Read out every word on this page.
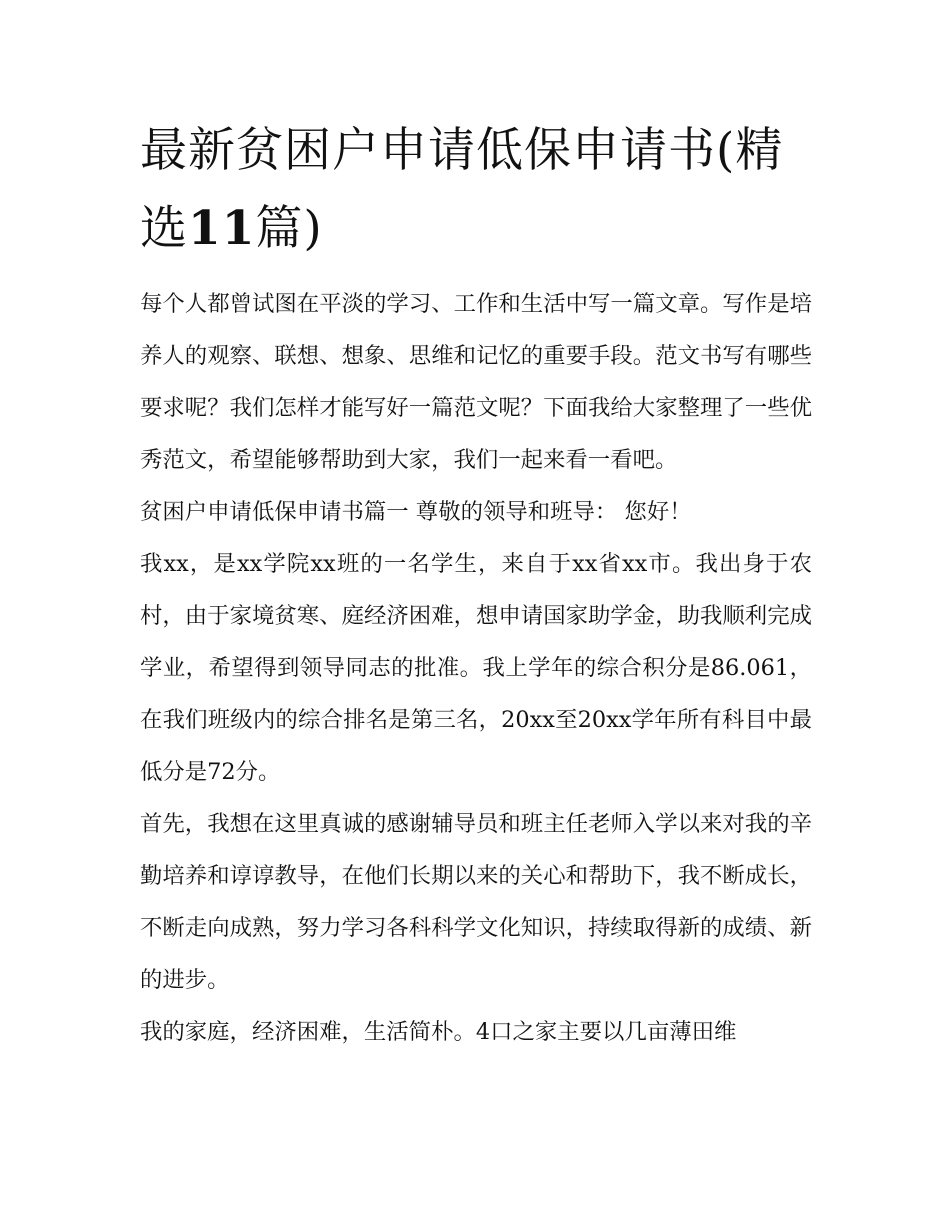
最新贫困户申请低保申请书(精选11篇)

每个人都曾试图在平淡的学习、工作和生活中写一篇文章。写作是培养人的观察、联想、想象、思维和记忆的重要手段。范文书写有哪些要求呢？我们怎样才能写好一篇范文呢？下面我给大家整理了一些优秀范文，希望能够帮助到大家，我们一起来看一看吧。

贫困户申请低保申请书篇一 尊敬的领导和班导： 您好！

我xx，是xx学院xx班的一名学生，来自于xx省xx市。我出身于农村，由于家境贫寒、庭经济困难，想申请国家助学金，助我顺利完成学业，希望得到领导同志的批准。我上学年的综合积分是86.061，在我们班级内的综合排名是第三名，20xx至20xx学年所有科目中最低分是72分。

首先，我想在这里真诚的感谢辅导员和班主任老师入学以来对我的辛勤培养和谆谆教导，在他们长期以来的关心和帮助下，我不断成长，不断走向成熟，努力学习各科科学文化知识，持续取得新的成绩、新的进步。

我的家庭，经济困难，生活简朴。4口之家主要以几亩薄田维
